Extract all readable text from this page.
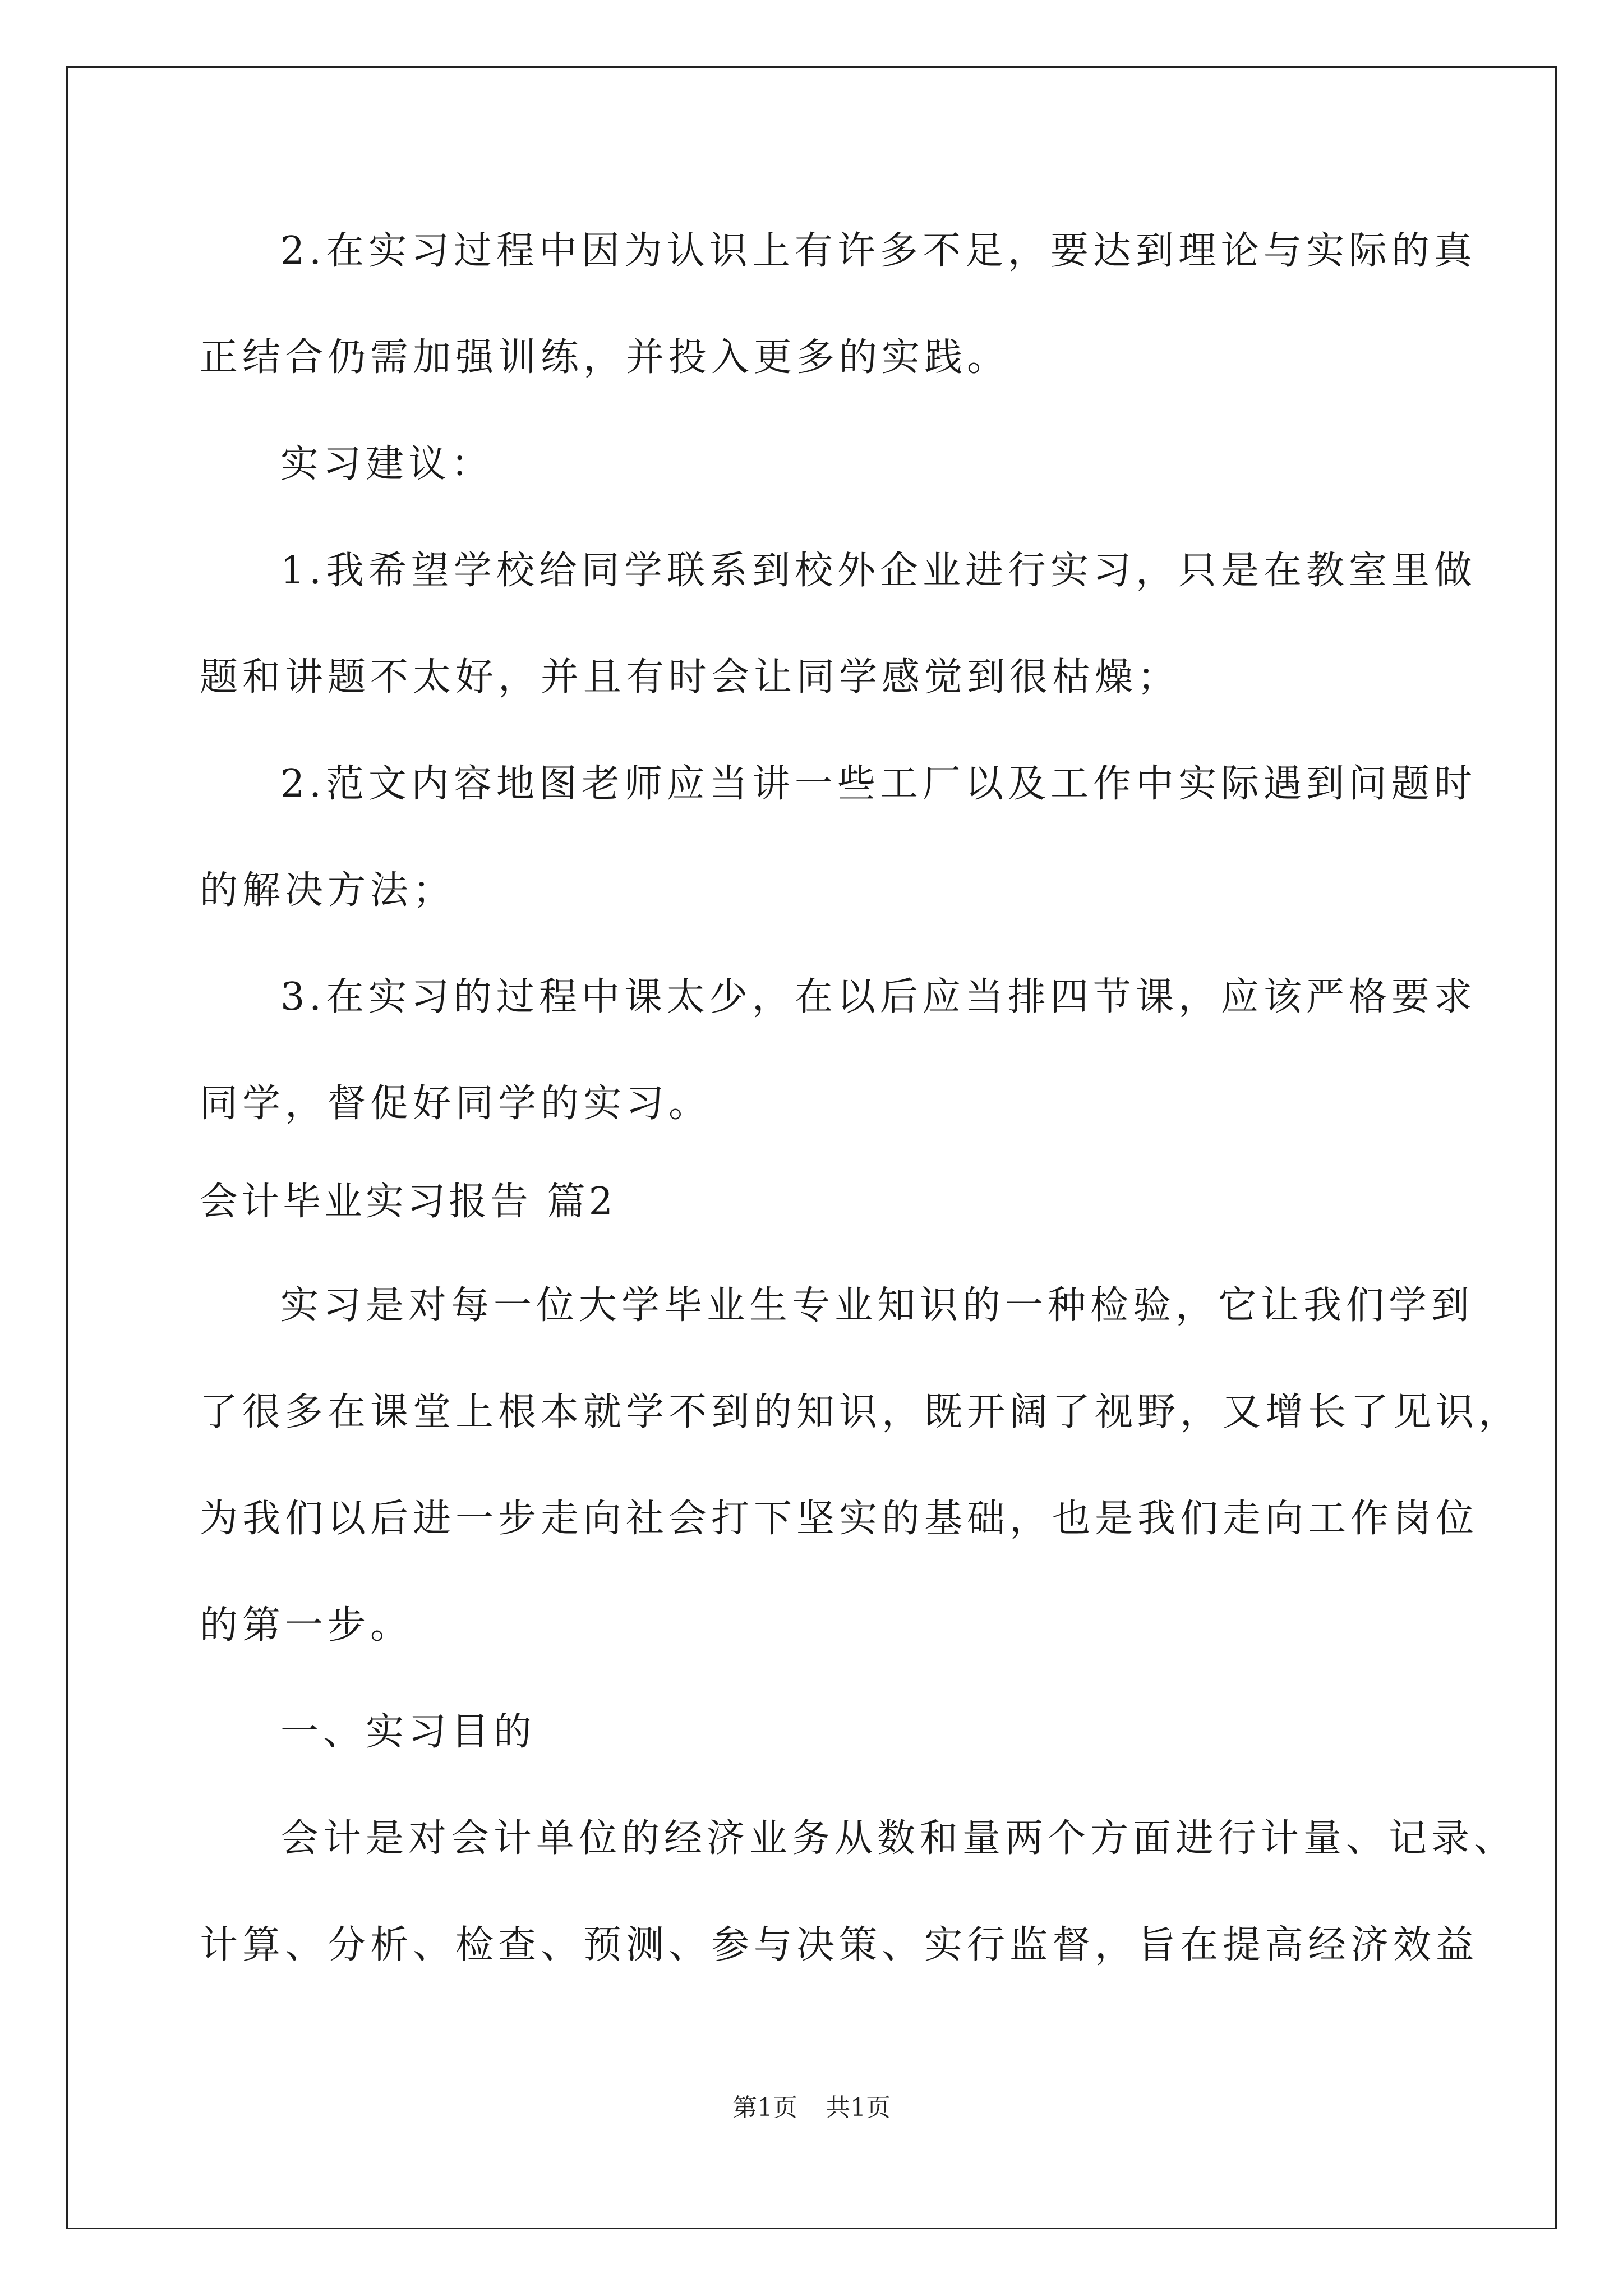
2.在实习过程中因为认识上有许多不足，要达到理论与实际的真
正结合仍需加强训练，并投入更多的实践。
实习建议：
1.我希望学校给同学联系到校外企业进行实习，只是在教室里做
题和讲题不太好，并且有时会让同学感觉到很枯燥；
2.范文内容地图老师应当讲一些工厂以及工作中实际遇到问题时
的解决方法；
3.在实习的过程中课太少，在以后应当排四节课，应该严格要求
同学，督促好同学的实习。
会计毕业实习报告 篇2
实习是对每一位大学毕业生专业知识的一种检验，它让我们学到
了很多在课堂上根本就学不到的知识，既开阔了视野，又增长了见识，
为我们以后进一步走向社会打下坚实的基础，也是我们走向工作岗位
的第一步。
一、实习目的
会计是对会计单位的经济业务从数和量两个方面进行计量、记录、
计算、分析、检查、预测、参与决策、实行监督，旨在提高经济效益
第1页 共1页
